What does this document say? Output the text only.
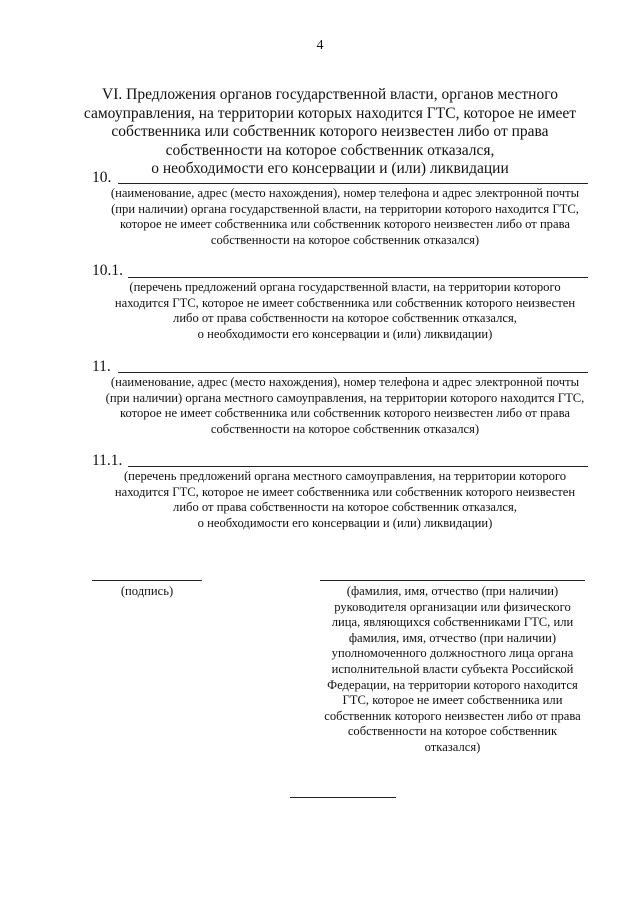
4
VI. Предложения органов государственной власти, органов местного
самоуправления, на территории которых находится ГТС, которое не имеет
собственника или собственник которого неизвестен либо от права
собственности на которое собственник отказался,
о необходимости его консервации и (или) ликвидации
10.
(наименование, адрес (место нахождения), номер телефона и адрес электронной почты
(при наличии) органа государственной власти, на территории которого находится ГТС,
которое не имеет собственника или собственник которого неизвестен либо от права
собственности на которое собственник отказался)
10.1.
(перечень предложений органа государственной власти, на территории которого
находится ГТС, которое не имеет собственника или собственник которого неизвестен
либо от права собственности на которое собственник отказался,
о необходимости его консервации и (или) ликвидации)
11.
(наименование, адрес (место нахождения), номер телефона и адрес электронной почты
(при наличии) органа местного самоуправления, на территории которого находится ГТС,
которое не имеет собственника или собственник которого неизвестен либо от права
собственности на которое собственник отказался)
11.1.
(перечень предложений органа местного самоуправления, на территории которого
находится ГТС, которое не имеет собственника или собственник которого неизвестен
либо от права собственности на которое собственник отказался,
о необходимости его консервации и (или) ликвидации)
(подпись)	(фамилия, имя, отчество (при наличии)
руководителя организации или физического
лица, являющихся собственниками ГТС, или
фамилия, имя, отчество (при наличии)
уполномоченного должностного лица органа
исполнительной власти субъекта Российской
Федерации, на территории которого находится
ГТС, которое не имеет собственника или
собственник которого неизвестен либо от права
собственности на которое собственник
отказался)
